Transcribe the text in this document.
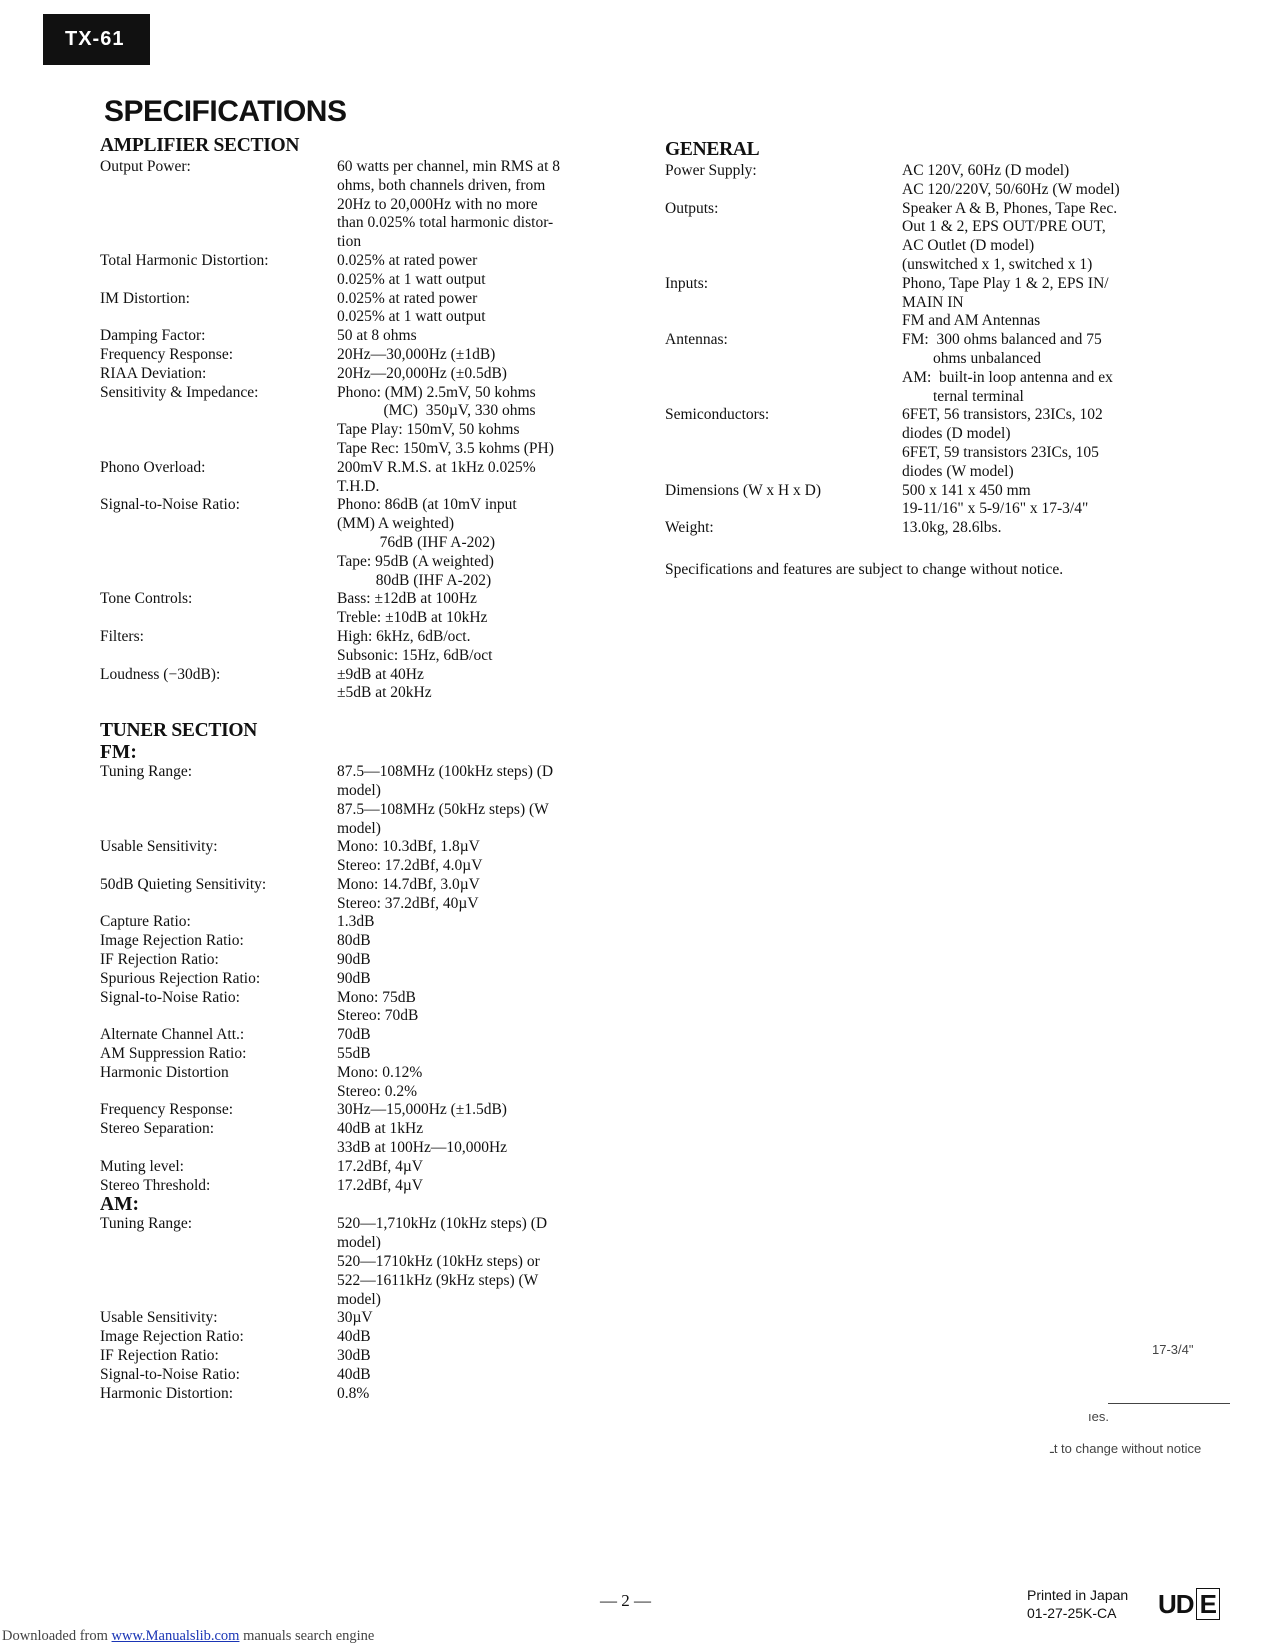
TX-61
SPECIFICATIONS
AMPLIFIER SECTION
Output Power:	60 watts per channel, min RMS at 8
ohms, both channels driven, from
20Hz to 20,000Hz with no more
than 0.025% total harmonic distor-
tion
Total Harmonic Distortion:	0.025% at rated power
0.025% at 1 watt output
IM Distortion:	0.025% at rated power
0.025% at 1 watt output
Damping Factor:	50 at 8 ohms
Frequency Response:	20Hz—30,000Hz (±1dB)
RIAA Deviation:	20Hz—20,000Hz (±0.5dB)
Sensitivity & Impedance:	Phono: (MM) 2.5mV, 50 kohms
(MC)  350µV, 330 ohms
Tape Play: 150mV, 50 kohms
Tape Rec: 150mV, 3.5 kohms (PH)
Phono Overload:	200mV R.M.S. at 1kHz 0.025%
T.H.D.
Signal-to-Noise Ratio:	Phono: 86dB (at 10mV input
(MM) A weighted)
76dB (IHF A-202)
Tape: 95dB (A weighted)
80dB (IHF A-202)
Tone Controls:	Bass: ±12dB at 100Hz
Treble: ±10dB at 10kHz
Filters:	High: 6kHz, 6dB/oct.
Subsonic: 15Hz, 6dB/oct
Loudness (−30dB):	±9dB at 40Hz
±5dB at 20kHz
TUNER SECTION
FM:
Tuning Range:	87.5—108MHz (100kHz steps) (D
model)
87.5—108MHz (50kHz steps) (W
model)
Usable Sensitivity:	Mono: 10.3dBf, 1.8µV
Stereo: 17.2dBf, 4.0µV
50dB Quieting Sensitivity:	Mono: 14.7dBf, 3.0µV
Stereo: 37.2dBf, 40µV
Capture Ratio:	1.3dB
Image Rejection Ratio:	80dB
IF Rejection Ratio:	90dB
Spurious Rejection Ratio:	90dB
Signal-to-Noise Ratio:	Mono: 75dB
Stereo: 70dB
Alternate Channel Att.:	70dB
AM Suppression Ratio:	55dB
Harmonic Distortion	Mono: 0.12%
Stereo: 0.2%
Frequency Response:	30Hz—15,000Hz (±1.5dB)
Stereo Separation:	40dB at 1kHz
33dB at 100Hz—10,000Hz
Muting level:	17.2dBf, 4µV
Stereo Threshold:	17.2dBf, 4µV
AM:
Tuning Range:	520—1,710kHz (10kHz steps) (D
model)
520—1710kHz (10kHz steps) or
522—1611kHz (9kHz steps) (W
model)
Usable Sensitivity:	30µV
Image Rejection Ratio:	40dB
IF Rejection Ratio:	30dB
Signal-to-Noise Ratio:	40dB
Harmonic Distortion:	0.8%
GENERAL
Power Supply:	AC 120V, 60Hz (D model)
AC 120/220V, 50/60Hz (W model)
Outputs:	Speaker A & B, Phones, Tape Rec.
Out 1 & 2, EPS OUT/PRE OUT,
AC Outlet (D model)
(unswitched x 1, switched x 1)
Inputs:	Phono, Tape Play 1 & 2, EPS IN/
MAIN IN
FM and AM Antennas
Antennas:	FM:  300 ohms balanced and 75
ohms unbalanced
AM:  built-in loop antenna and ex
ternal terminal
Semiconductors:	6FET, 56 transistors, 23ICs, 102
diodes (D model)
6FET, 59 transistors 23ICs, 105
diodes (W model)
Dimensions (W x H x D)	500 x 141 x 450 mm
19-11/16" x 5-9/16" x 17-3/4"
Weight:	13.0kg, 28.6lbs.

Specifications and features are subject to change without notice.

17-3/4"

ıes.

ـt to change without notice

— 2 —	Printed in Japan
01-27-25K-CA	UD E

Downloaded from www.Manualslib.com manuals search engine
